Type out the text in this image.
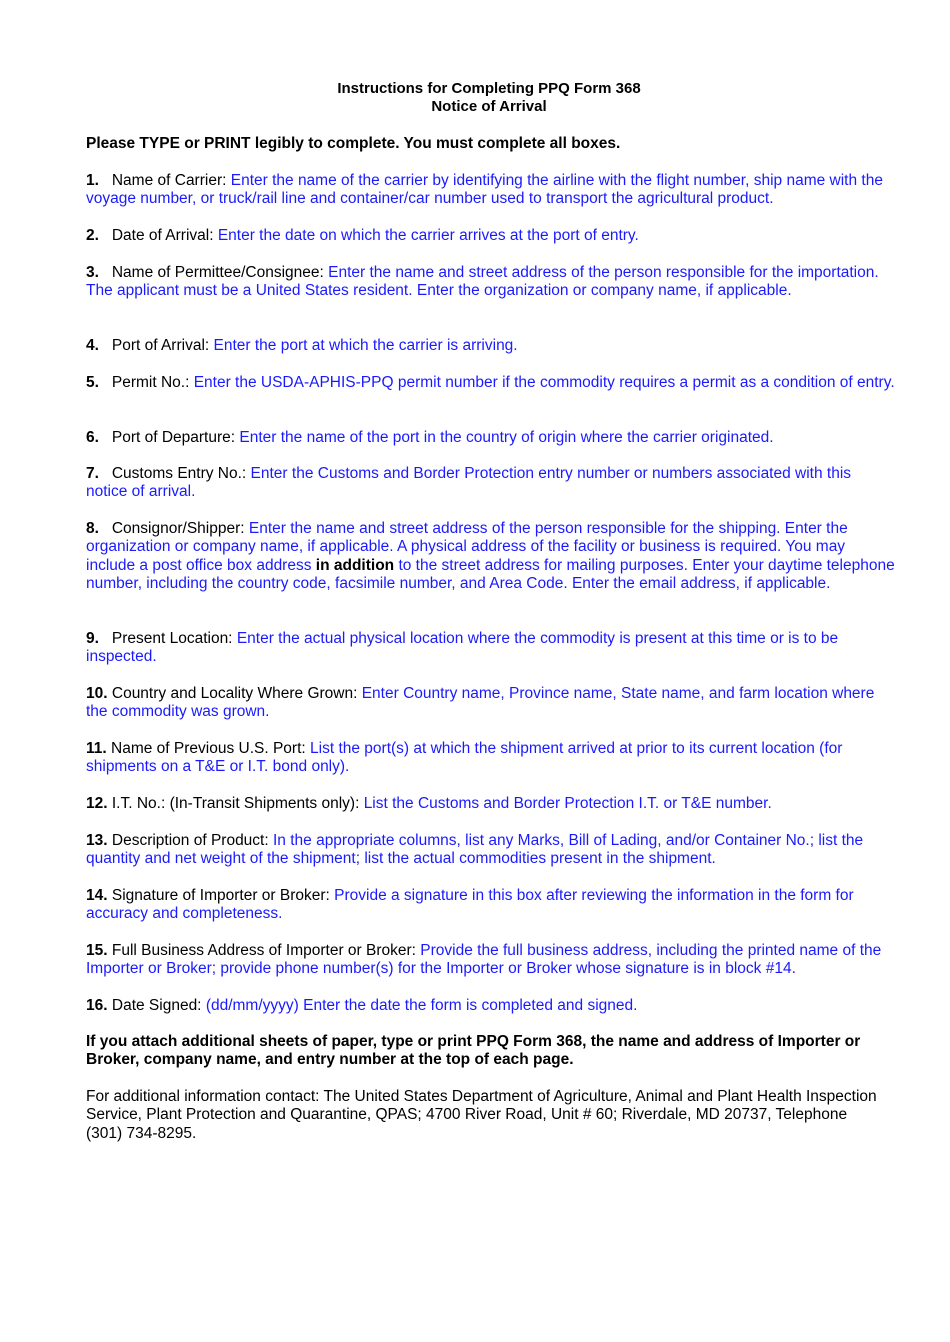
Instructions for Completing PPQ Form 368
Notice of Arrival
Please TYPE or PRINT legibly to complete. You must complete all boxes.
1. Name of Carrier: Enter the name of the carrier by identifying the airline with the flight number, ship name with the voyage number, or truck/rail line and container/car number used to transport the agricultural product.
2. Date of Arrival: Enter the date on which the carrier arrives at the port of entry.
3. Name of Permittee/Consignee: Enter the name and street address of the person responsible for the importation. The applicant must be a United States resident. Enter the organization or company name, if applicable.
4. Port of Arrival: Enter the port at which the carrier is arriving.
5. Permit No.: Enter the USDA-APHIS-PPQ permit number if the commodity requires a permit as a condition of entry.
6. Port of Departure: Enter the name of the port in the country of origin where the carrier originated.
7. Customs Entry No.: Enter the Customs and Border Protection entry number or numbers associated with this notice of arrival.
8. Consignor/Shipper: Enter the name and street address of the person responsible for the shipping. Enter the organization or company name, if applicable. A physical address of the facility or business is required. You may include a post office box address in addition to the street address for mailing purposes. Enter your daytime telephone number, including the country code, facsimile number, and Area Code. Enter the email address, if applicable.
9. Present Location: Enter the actual physical location where the commodity is present at this time or is to be inspected.
10. Country and Locality Where Grown: Enter Country name, Province name, State name, and farm location where the commodity was grown.
11. Name of Previous U.S. Port: List the port(s) at which the shipment arrived at prior to its current location (for shipments on a T&E or I.T. bond only).
12. I.T. No.: (In-Transit Shipments only): List the Customs and Border Protection I.T. or T&E number.
13. Description of Product: In the appropriate columns, list any Marks, Bill of Lading, and/or Container No.; list the quantity and net weight of the shipment; list the actual commodities present in the shipment.
14. Signature of Importer or Broker: Provide a signature in this box after reviewing the information in the form for accuracy and completeness.
15. Full Business Address of Importer or Broker: Provide the full business address, including the printed name of the Importer or Broker; provide phone number(s) for the Importer or Broker whose signature is in block #14.
16. Date Signed: (dd/mm/yyyy) Enter the date the form is completed and signed.
If you attach additional sheets of paper, type or print PPQ Form 368, the name and address of Importer or Broker, company name, and entry number at the top of each page.
For additional information contact: The United States Department of Agriculture, Animal and Plant Health Inspection Service, Plant Protection and Quarantine, QPAS; 4700 River Road, Unit # 60; Riverdale, MD 20737, Telephone (301) 734-8295.
